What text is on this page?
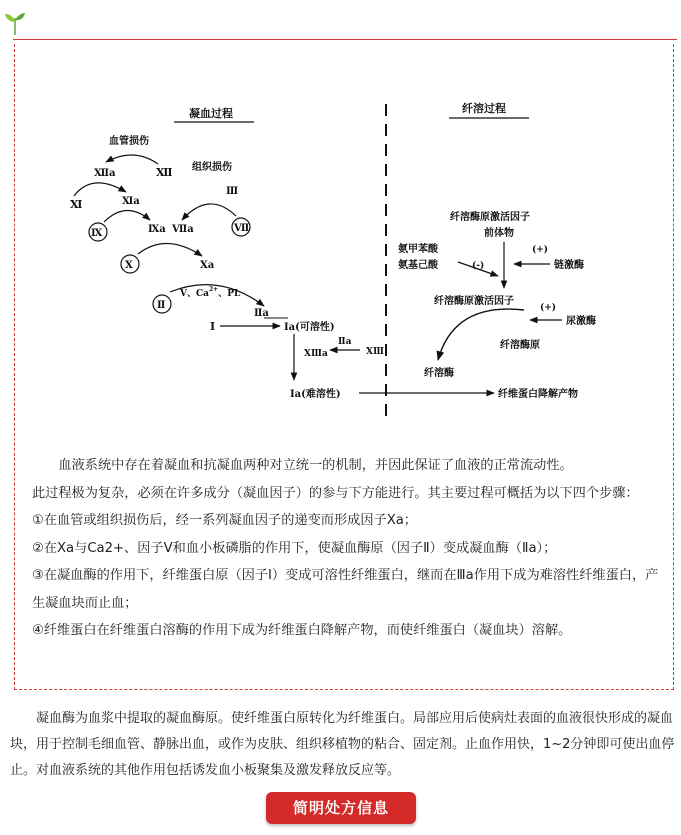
凝血过程	纤溶过程
血管损伤
Ⅻ
Ⅻa
Ⅺ	Ⅺa
Ⅸ	Ⅸa
组织损伤
Ⅲ
Ⅶa	Ⅶ
Ⅹ	Ⅹa
Ⅱ
V、$Ca^{2+}$、PL
Ⅱa
Ⅰ	Ⅰa(可溶性)
ⅩⅢa
Ⅱa
ⅩⅢ
Ⅰa(难溶性)	纤维蛋白降解产物
纤溶酶原激活因子
前体物
氨甲苯酸
氨基己酸	(-)
(+)
链激酶
纤溶酶原激活因子
(+)
尿激酶
纤溶酶原
纤溶酶

血液系统中存在着凝血和抗凝血两种对立统一的机制，并因此保证了血液的正常流动性。

此过程极为复杂，必须在许多成分（凝血因子）的参与下方能进行。其主要过程可概括为以下四个步骤：

①在血管或组织损伤后，经一系列凝血因子的递变而形成因子Xa；

②在Xa与Ca2+、因子V和血小板磷脂的作用下，使凝血酶原（因子Ⅱ）变成凝血酶（Ⅱa）；

③在凝血酶的作用下，纤维蛋白原（因子Ⅰ）变成可溶性纤维蛋白，继而在Ⅲa作用下成为难溶性纤维蛋白，产生凝血块而止血；

④纤维蛋白在纤维蛋白溶酶的作用下成为纤维蛋白降解产物，而使纤维蛋白（凝血块）溶解。

凝血酶为血浆中提取的凝血酶原。使纤维蛋白原转化为纤维蛋白。局部应用后使病灶表面的血液很快形成的凝血块，用于控制毛细血管、静脉出血，或作为皮肤、组织移植物的粘合、固定剂。止血作用快，1~2分钟即可使出血停止。对血液系统的其他作用包括诱发血小板聚集及激发释放反应等。

简明处方信息
